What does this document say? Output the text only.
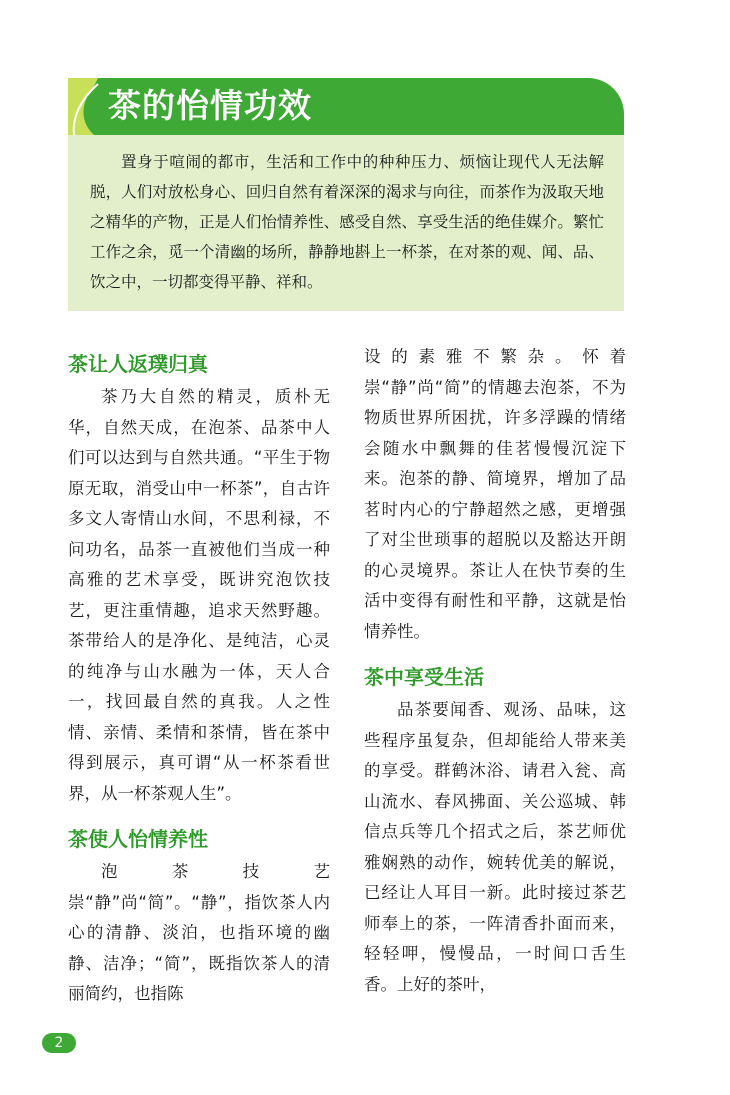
茶的怡情功效

置身于喧闹的都市，生活和工作中的种种压力、烦恼让现代人无法解脱，人们对放松身心、回归自然有着深深的渴求与向往，而茶作为汲取天地之精华的产物，正是人们怡情养性、感受自然、享受生活的绝佳媒介。繁忙工作之余，觅一个清幽的场所，静静地斟上一杯茶，在对茶的观、闻、品、饮之中，一切都变得平静、祥和。

茶让人返璞归真

茶乃大自然的精灵，质朴无华，自然天成，在泡茶、品茶中人们可以达到与自然共通。“平生于物原无取，消受山中一杯茶”，自古许多文人寄情山水间，不思利禄，不问功名，品茶一直被他们当成一种高雅的艺术享受，既讲究泡饮技艺，更注重情趣，追求天然野趣。茶带给人的是净化、是纯洁，心灵的纯净与山水融为一体，天人合一，找回最自然的真我。人之性情、亲情、柔情和茶情，皆在茶中得到展示，真可谓“从一杯茶看世界，从一杯茶观人生”。

茶使人怡情养性

泡茶技艺崇“静”尚“简”。“静”，指饮茶人内心的清静、淡泊，也指环境的幽静、洁净；“简”，既指饮茶人的清丽简约，也指陈

设的素雅不繁杂。怀着崇“静”尚“简”的情趣去泡茶，不为物质世界所困扰，许多浮躁的情绪会随水中飘舞的佳茗慢慢沉淀下来。泡茶的静、简境界，增加了品茗时内心的宁静超然之感，更增强了对尘世琐事的超脱以及豁达开朗的心灵境界。茶让人在快节奏的生活中变得有耐性和平静，这就是怡情养性。

茶中享受生活

品茶要闻香、观汤、品味，这些程序虽复杂，但却能给人带来美的享受。群鹤沐浴、请君入瓮、高山流水、春风拂面、关公巡城、韩信点兵等几个招式之后，茶艺师优雅娴熟的动作，婉转优美的解说，已经让人耳目一新。此时接过茶艺师奉上的茶，一阵清香扑面而来，轻轻呷，慢慢品，一时间口舌生香。上好的茶叶，

2
